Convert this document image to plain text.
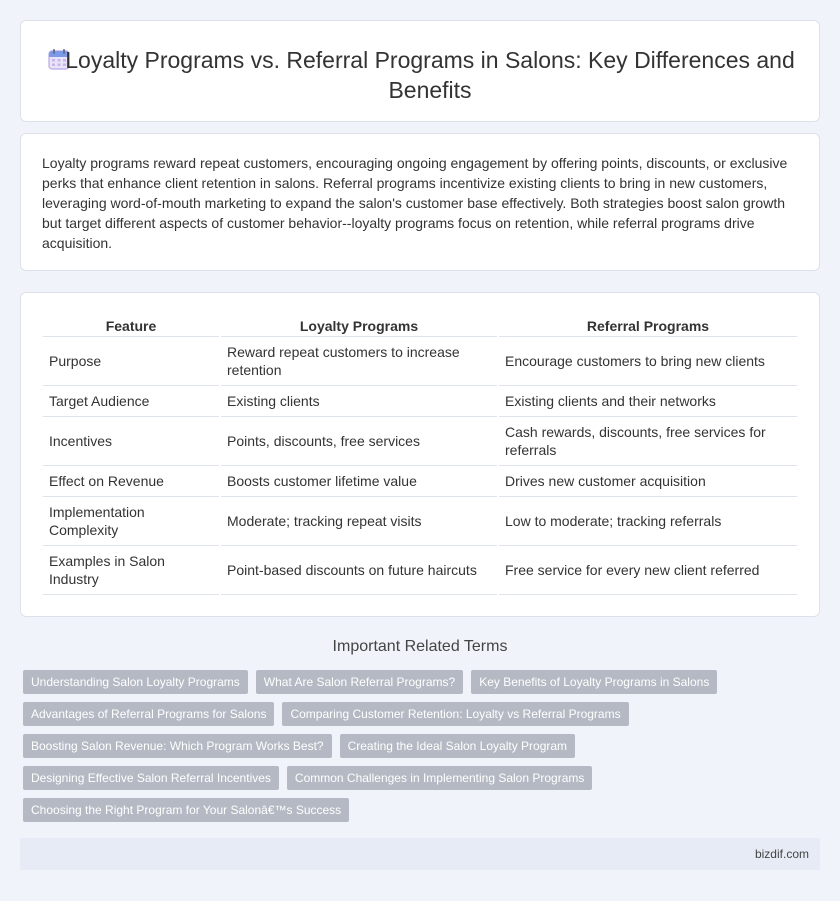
Loyalty Programs vs. Referral Programs in Salons: Key Differences and Benefits

Loyalty programs reward repeat customers, encouraging ongoing engagement by offering points, discounts, or exclusive perks that enhance client retention in salons. Referral programs incentivize existing clients to bring in new customers, leveraging word-of-mouth marketing to expand the salon's customer base effectively. Both strategies boost salon growth but target different aspects of customer behavior--loyalty programs focus on retention, while referral programs drive acquisition.

Feature	Loyalty Programs	Referral Programs
Purpose	Reward repeat customers to increase retention	Encourage customers to bring new clients
Target Audience	Existing clients	Existing clients and their networks
Incentives	Points, discounts, free services	Cash rewards, discounts, free services for referrals
Effect on Revenue	Boosts customer lifetime value	Drives new customer acquisition
Implementation Complexity	Moderate; tracking repeat visits	Low to moderate; tracking referrals
Examples in Salon Industry	Point-based discounts on future haircuts	Free service for every new client referred
Important Related Terms
Understanding Salon Loyalty Programs	What Are Salon Referral Programs?	Key Benefits of Loyalty Programs in Salons
Advantages of Referral Programs for Salons	Comparing Customer Retention: Loyalty vs Referral Programs
Boosting Salon Revenue: Which Program Works Best?	Creating the Ideal Salon Loyalty Program
Designing Effective Salon Referral Incentives	Common Challenges in Implementing Salon Programs
Choosing the Right Program for Your Salonâ€™s Success
bizdif.com
